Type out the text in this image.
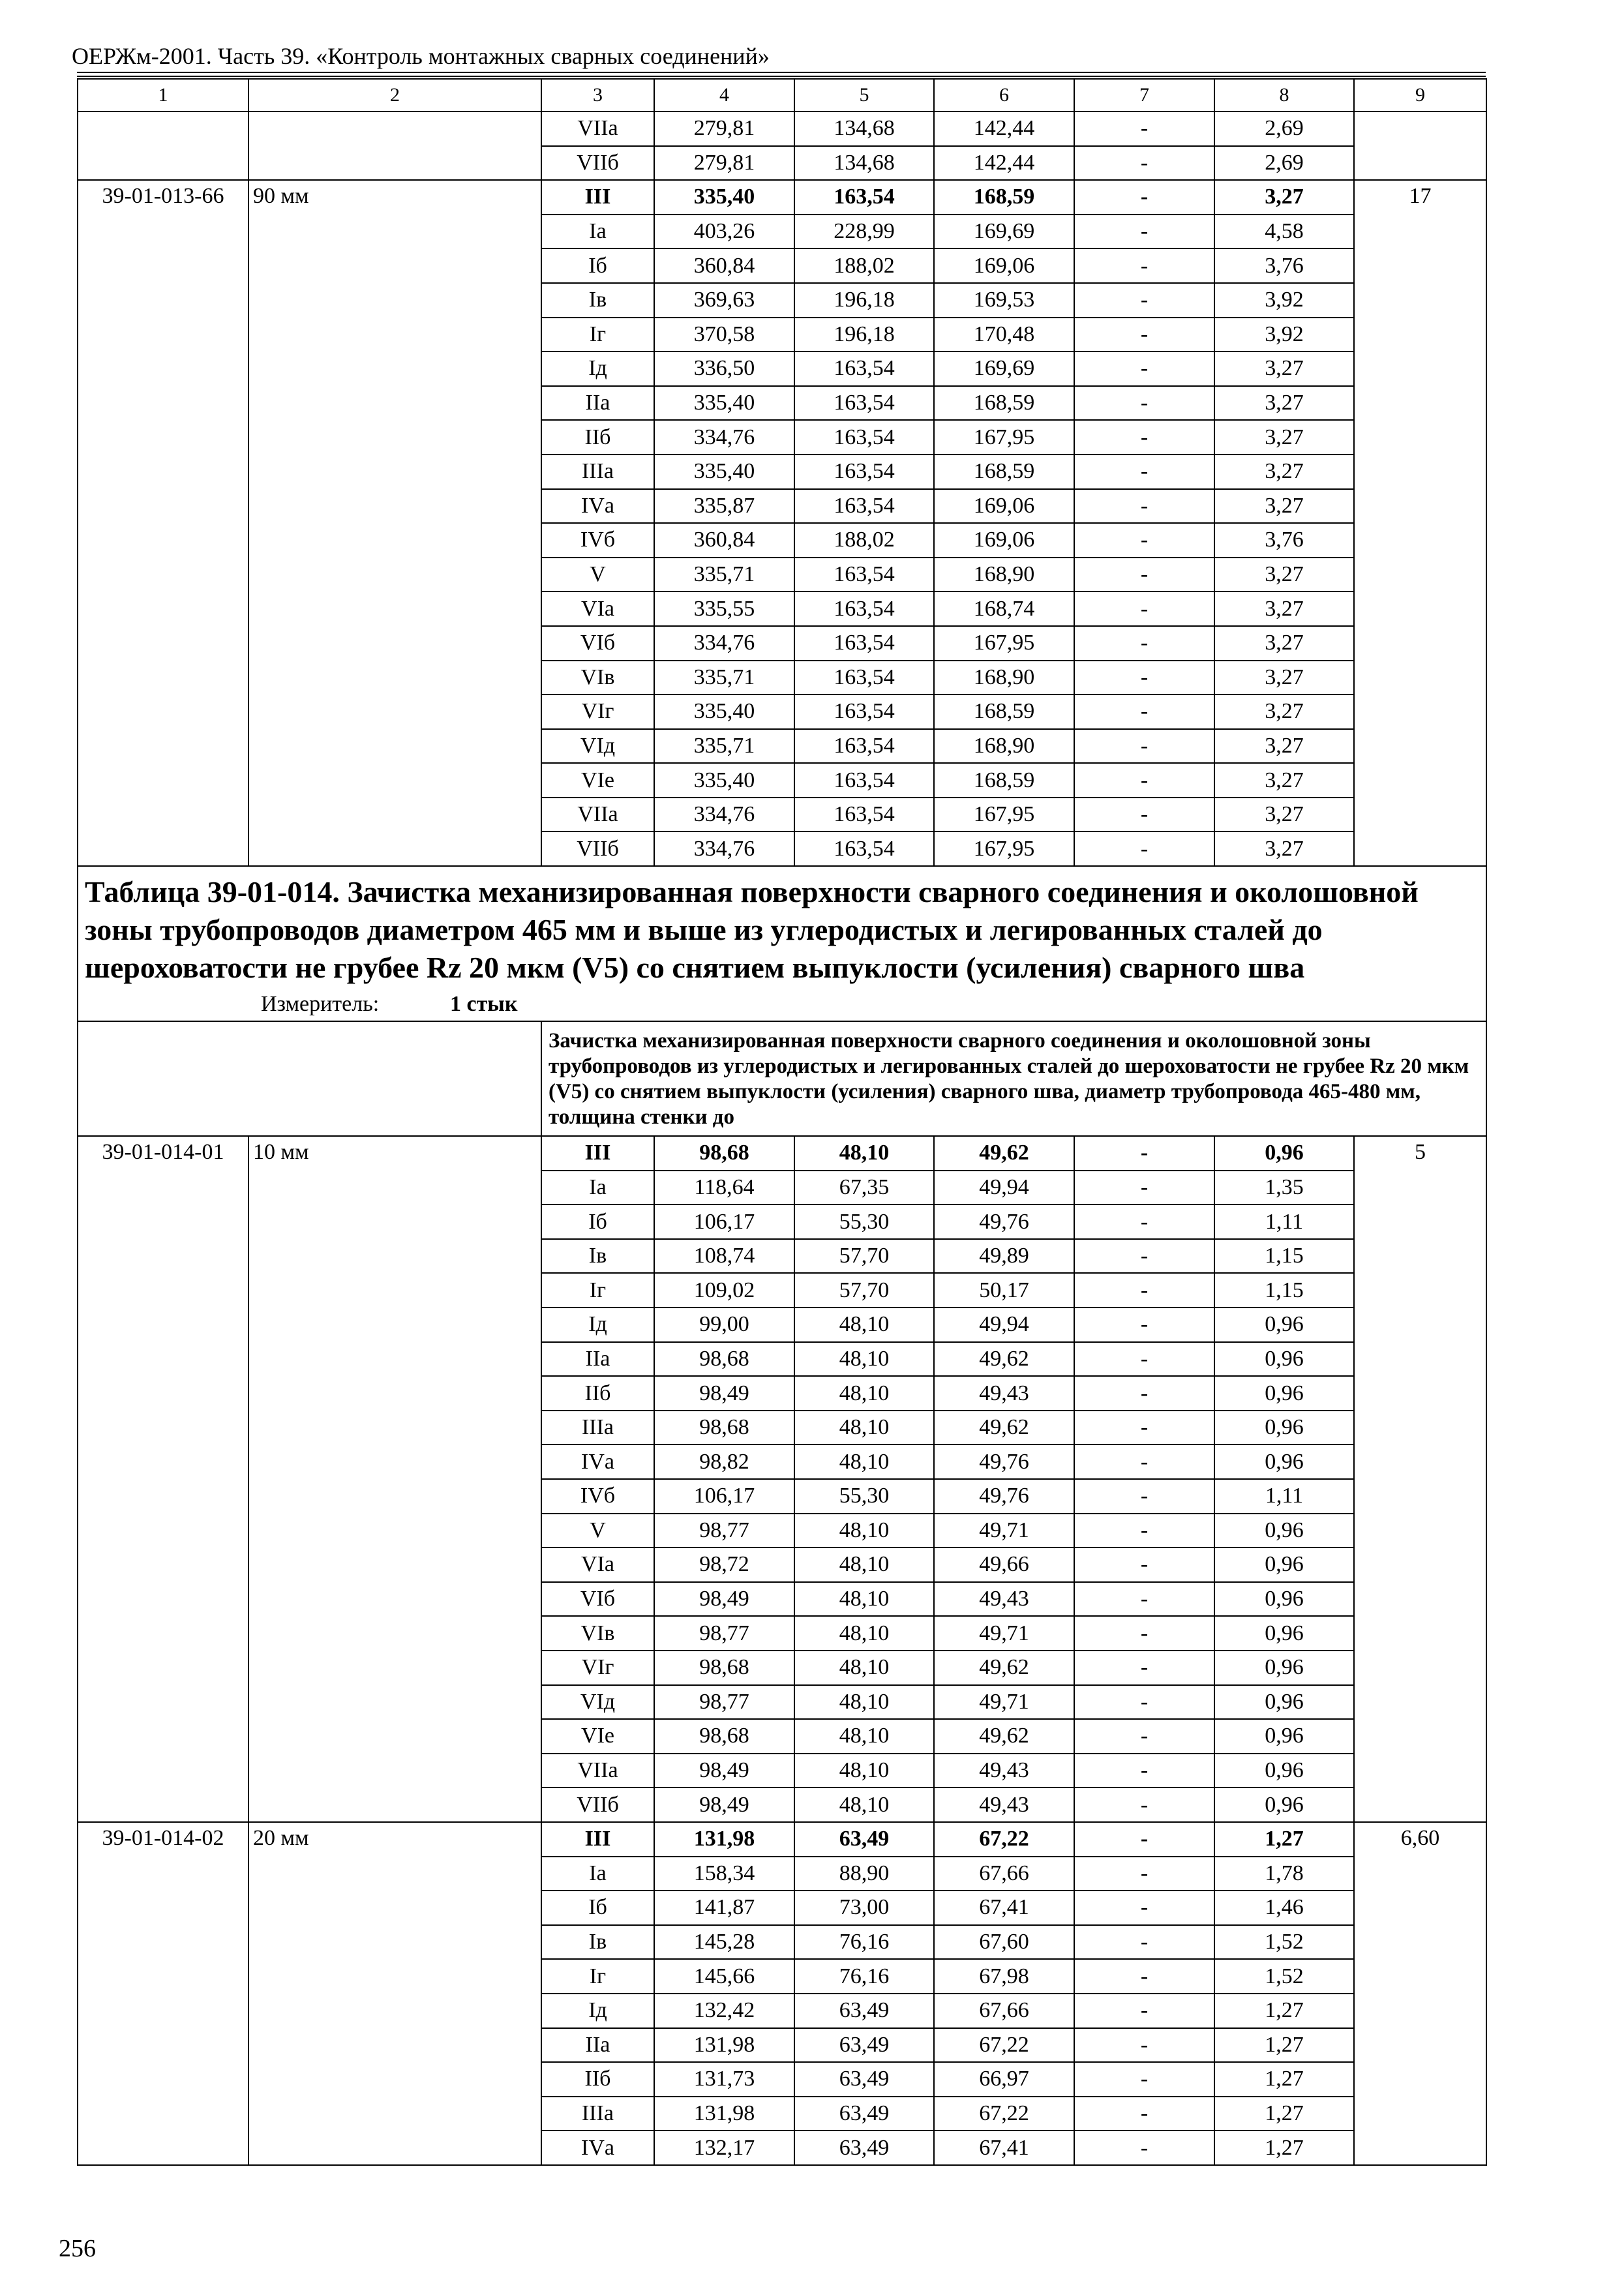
ОЕРЖм-2001. Часть 39. «Контроль монтажных сварных соединений»
1	2	3	4	5	6	7	8	9
		VIIа	279,81	134,68	142,44	-	2,69	
		VIIб	279,81	134,68	142,44	-	2,69	
39-01-013-66	90 мм	III	335,40	163,54	168,59	-	3,27	17
		Iа	403,26	228,99	169,69	-	4,58	
		Iб	360,84	188,02	169,06	-	3,76	
		Iв	369,63	196,18	169,53	-	3,92	
		Iг	370,58	196,18	170,48	-	3,92	
		Iд	336,50	163,54	169,69	-	3,27	
		IIа	335,40	163,54	168,59	-	3,27	
		IIб	334,76	163,54	167,95	-	3,27	
		IIIа	335,40	163,54	168,59	-	3,27	
		IVа	335,87	163,54	169,06	-	3,27	
		IVб	360,84	188,02	169,06	-	3,76	
		V	335,71	163,54	168,90	-	3,27	
		VIа	335,55	163,54	168,74	-	3,27	
		VIб	334,76	163,54	167,95	-	3,27	
		VIв	335,71	163,54	168,90	-	3,27	
		VIг	335,40	163,54	168,59	-	3,27	
		VIд	335,71	163,54	168,90	-	3,27	
		VIе	335,40	163,54	168,59	-	3,27	
		VIIа	334,76	163,54	167,95	-	3,27	
		VIIб	334,76	163,54	167,95	-	3,27	

Таблица 39-01-014. Зачистка механизированная поверхности сварного соединения и околошовной зоны трубопроводов диаметром 465 мм и выше из углеродистых и легированных сталей до шероховатости не грубее Rz 20 мкм (V5) со снятием выпуклости (усиления) сварного шва
Измеритель: 1 стык								

		Зачистка механизированная поверхности сварного соединения и околошовной зоны трубопроводов из углеродистых и легированных сталей до шероховатости не грубее Rz 20 мкм (V5) со снятием выпуклости (усиления) сварного шва, диаметр трубопровода 465-480 мм, толщина стенки до						
39-01-014-01	10 мм	III	98,68	48,10	49,62	-	0,96	5
		Iа	118,64	67,35	49,94	-	1,35	
		Iб	106,17	55,30	49,76	-	1,11	
		Iв	108,74	57,70	49,89	-	1,15	
		Iг	109,02	57,70	50,17	-	1,15	
		Iд	99,00	48,10	49,94	-	0,96	
		IIа	98,68	48,10	49,62	-	0,96	
		IIб	98,49	48,10	49,43	-	0,96	
		IIIа	98,68	48,10	49,62	-	0,96	
		IVа	98,82	48,10	49,76	-	0,96	
		IVб	106,17	55,30	49,76	-	1,11	
		V	98,77	48,10	49,71	-	0,96	
		VIа	98,72	48,10	49,66	-	0,96	
		VIб	98,49	48,10	49,43	-	0,96	
		VIв	98,77	48,10	49,71	-	0,96	
		VIг	98,68	48,10	49,62	-	0,96	
		VIд	98,77	48,10	49,71	-	0,96	
		VIе	98,68	48,10	49,62	-	0,96	
		VIIа	98,49	48,10	49,43	-	0,96	
		VIIб	98,49	48,10	49,43	-	0,96	
39-01-014-02	20 мм	III	131,98	63,49	67,22	-	1,27	6,60
		Iа	158,34	88,90	67,66	-	1,78	
		Iб	141,87	73,00	67,41	-	1,46	
		Iв	145,28	76,16	67,60	-	1,52	
		Iг	145,66	76,16	67,98	-	1,52	
		Iд	132,42	63,49	67,66	-	1,27	
		IIа	131,98	63,49	67,22	-	1,27	
		IIб	131,73	63,49	66,97	-	1,27	
		IIIа	131,98	63,49	67,22	-	1,27	
		IVа	132,17	63,49	67,41	-	1,27	
256
